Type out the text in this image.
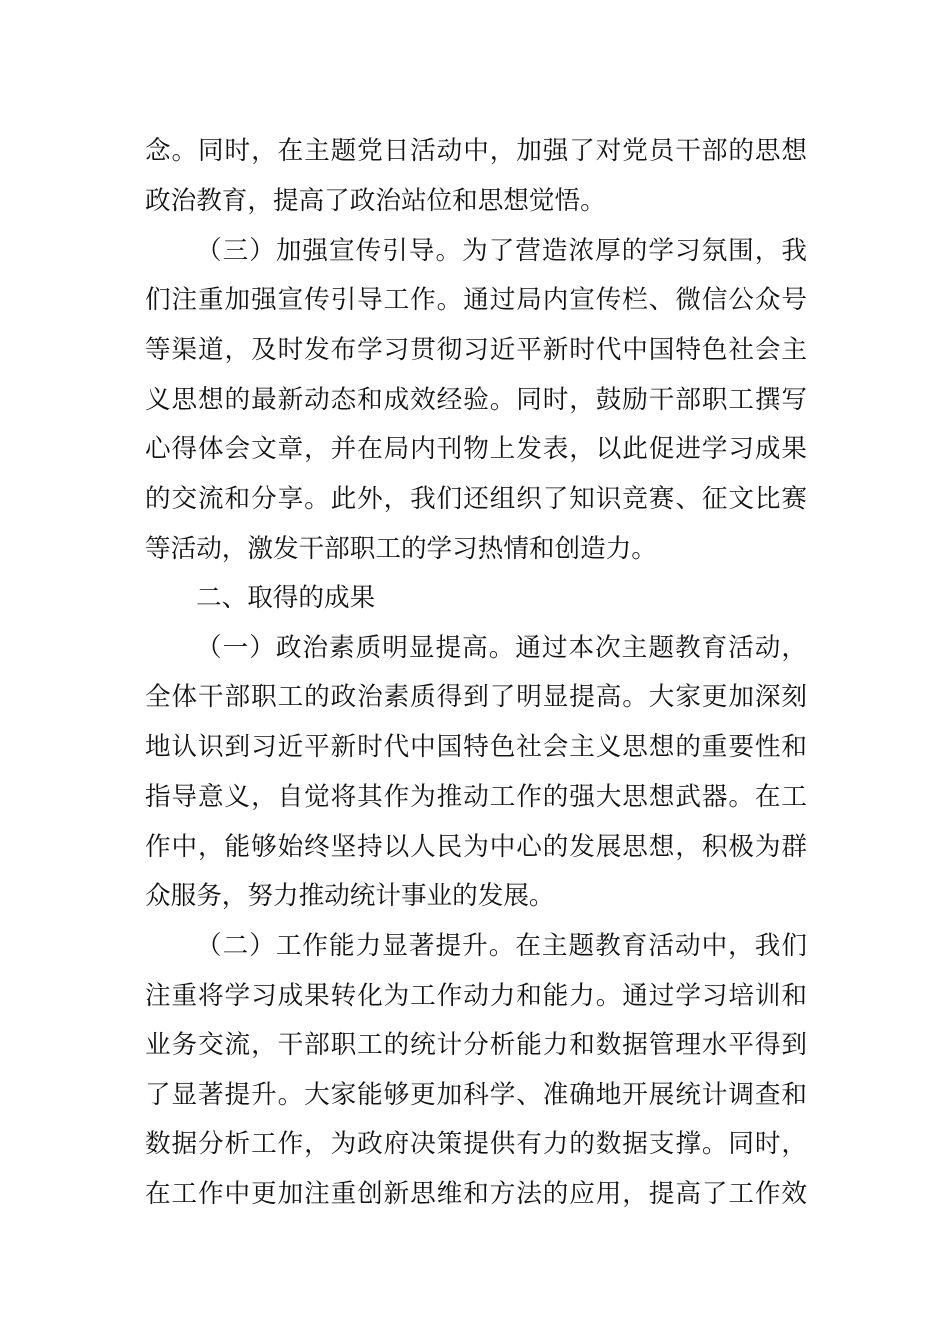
念。同时，在主题党日活动中，加强了对党员干部的思想
政治教育，提高了政治站位和思想觉悟。
（三）加强宣传引导。为了营造浓厚的学习氛围，我
们注重加强宣传引导工作。通过局内宣传栏、微信公众号
等渠道，及时发布学习贯彻习近平新时代中国特色社会主
义思想的最新动态和成效经验。同时，鼓励干部职工撰写
心得体会文章，并在局内刊物上发表，以此促进学习成果
的交流和分享。此外，我们还组织了知识竞赛、征文比赛
等活动，激发干部职工的学习热情和创造力。
二、取得的成果
（一）政治素质明显提高。通过本次主题教育活动，
全体干部职工的政治素质得到了明显提高。大家更加深刻
地认识到习近平新时代中国特色社会主义思想的重要性和
指导意义，自觉将其作为推动工作的强大思想武器。在工
作中，能够始终坚持以人民为中心的发展思想，积极为群
众服务，努力推动统计事业的发展。
（二）工作能力显著提升。在主题教育活动中，我们
注重将学习成果转化为工作动力和能力。通过学习培训和
业务交流，干部职工的统计分析能力和数据管理水平得到
了显著提升。大家能够更加科学、准确地开展统计调查和
数据分析工作，为政府决策提供有力的数据支撑。同时，
在工作中更加注重创新思维和方法的应用，提高了工作效
